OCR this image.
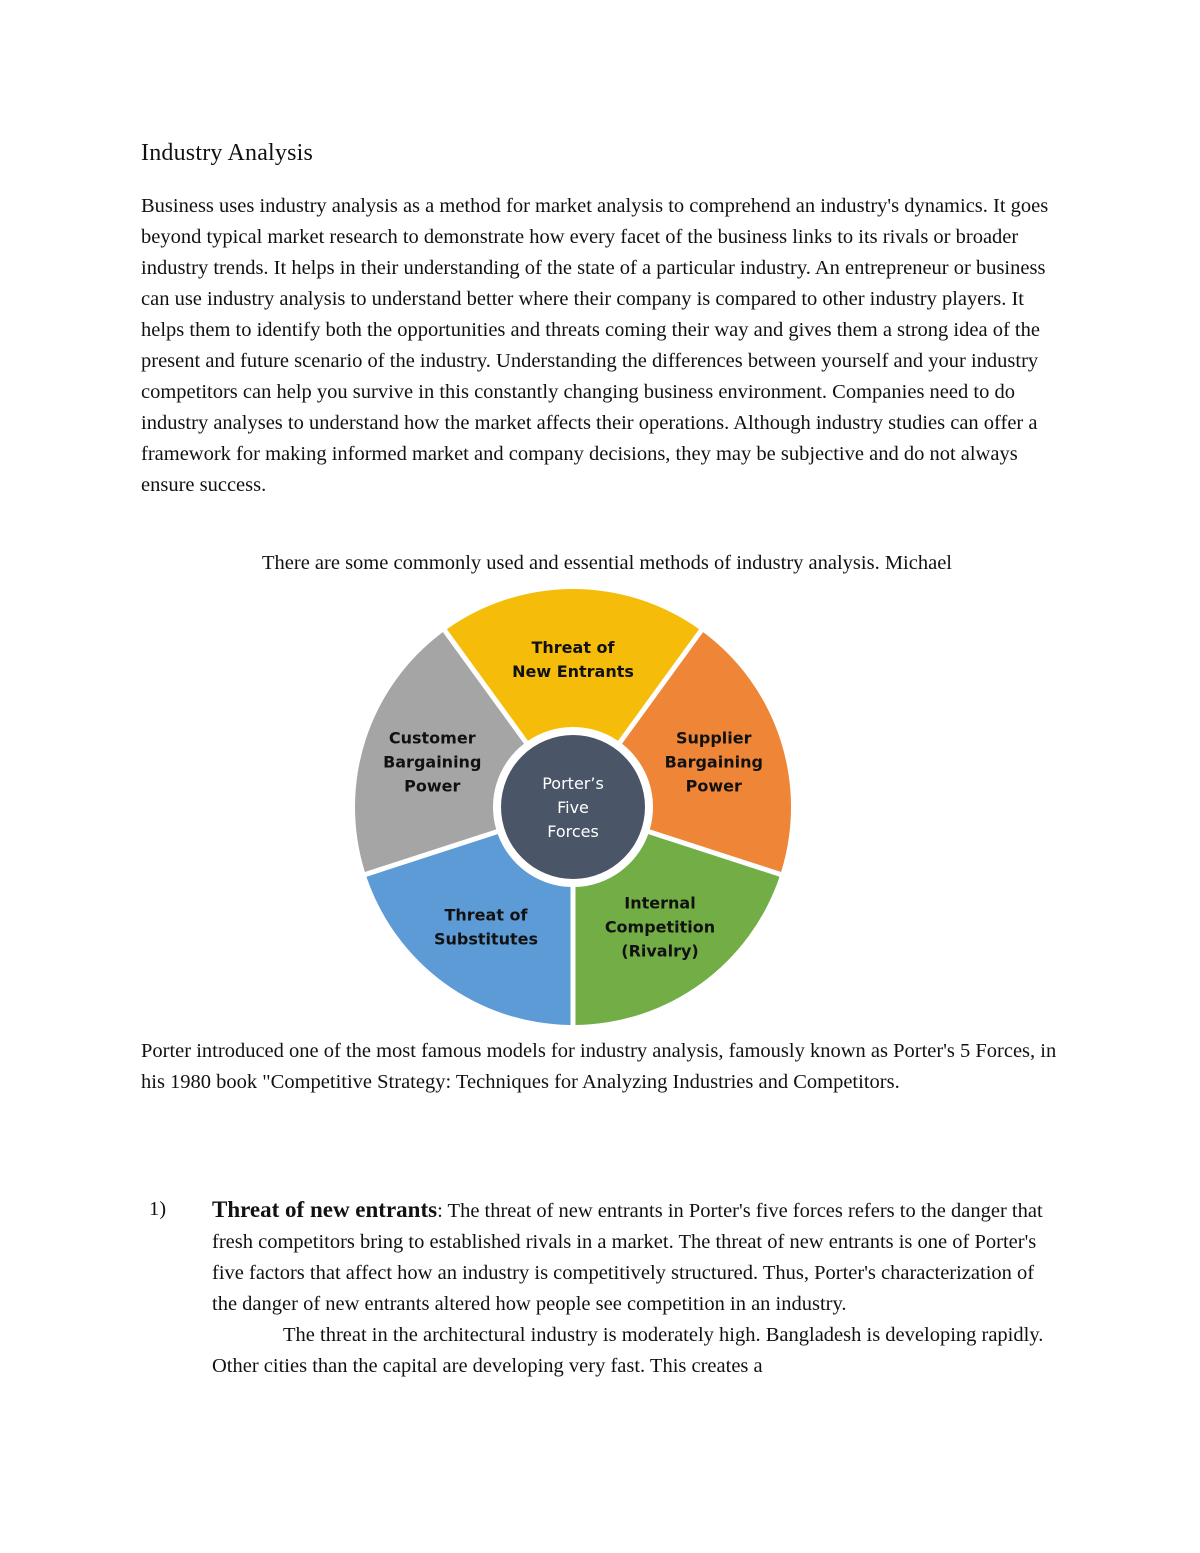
Industry Analysis

Business uses industry analysis as a method for market analysis to comprehend an industry's dynamics. It goes beyond typical market research to demonstrate how every facet of the business links to its rivals or broader industry trends. It helps in their understanding of the state of a particular industry. An entrepreneur or business can use industry analysis to understand better where their company is compared to other industry players. It helps them to identify both the opportunities and threats coming their way and gives them a strong idea of the present and future scenario of the industry. Understanding the differences between yourself and your industry competitors can help you survive in this constantly changing business environment. Companies need to do industry analyses to understand how the market affects their operations. Although industry studies can offer a framework for making informed market and company decisions, they may be subjective and do not always ensure success.

There are some commonly used and essential methods of industry analysis. Michael

Threat of
New Entrants
Supplier
Bargaining
Power
Internal
Competition
(Rivalry)
Threat of
Substitutes
Customer
Bargaining
Power	Porter’s
Five
Forces

Porter introduced one of the most famous models for industry analysis, famously known as Porter's 5 Forces, in his 1980 book "Competitive Strategy: Techniques for Analyzing Industries and Competitors.

1) Threat of new entrants: The threat of new entrants in Porter's five forces refers to the danger that fresh competitors bring to established rivals in a market. The threat of new entrants is one of Porter's five factors that affect how an industry is competitively structured. Thus, Porter's characterization of the danger of new entrants altered how people see competition in an industry.
The threat in the architectural industry is moderately high. Bangladesh is developing rapidly. Other cities than the capital are developing very fast. This creates a
